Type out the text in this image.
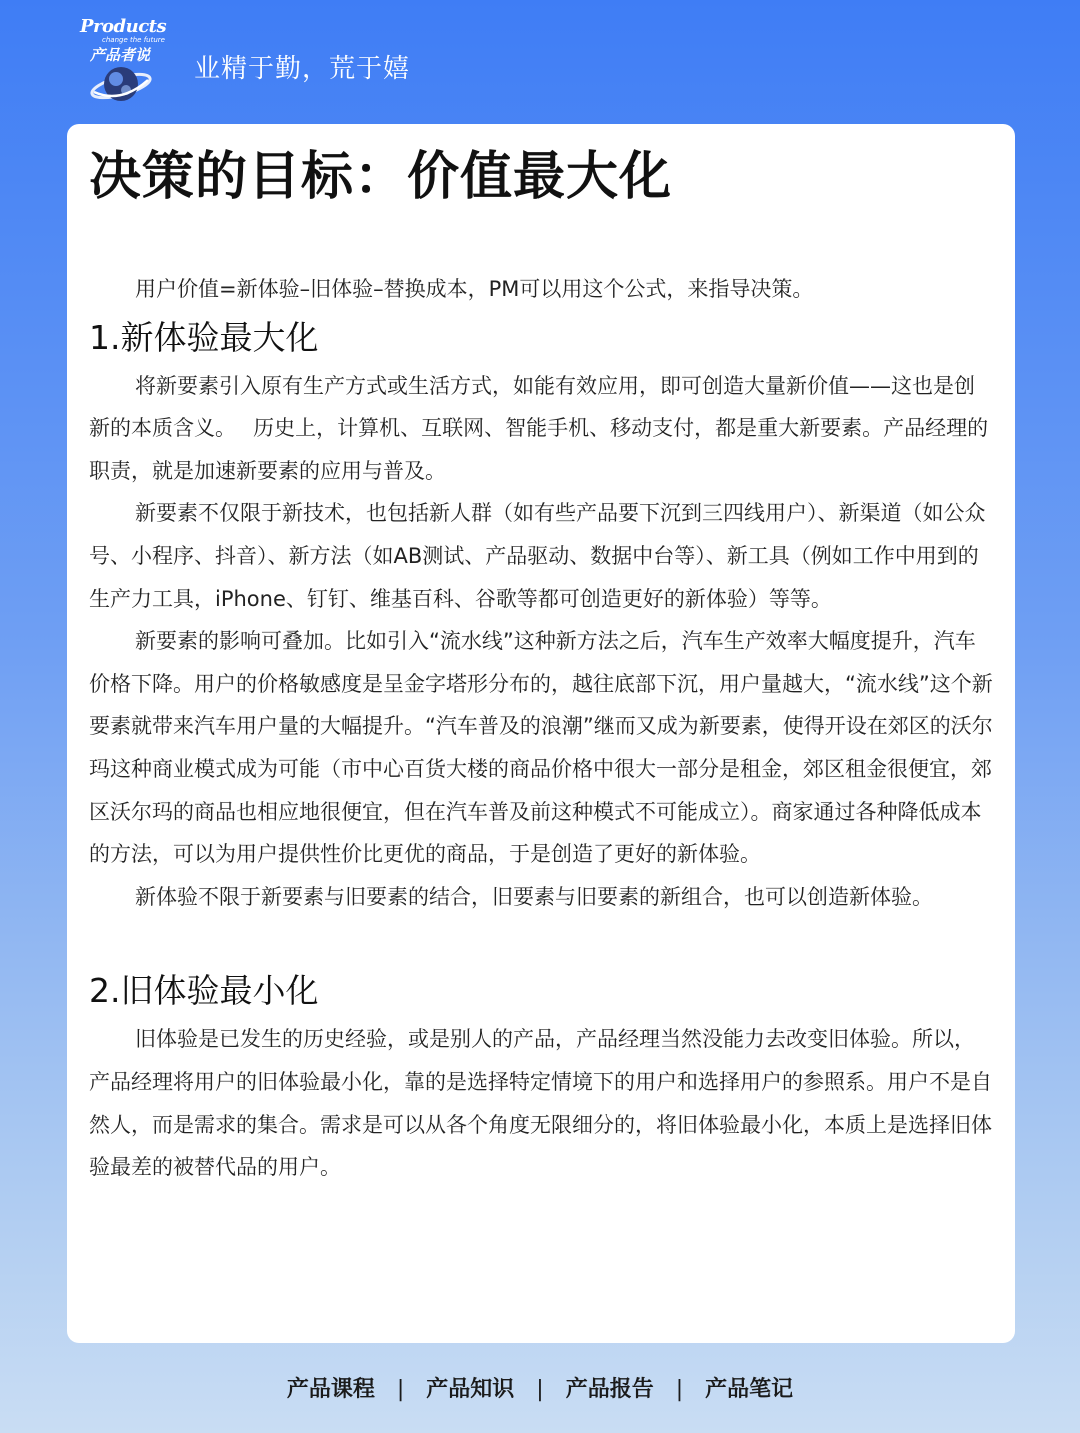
Products
change the future
产品者说 业精于勤，荒于嬉
决策的目标：价值最大化

用户价值=新体验–旧体验–替换成本，PM可以用这个公式，来指导决策。

1.新体验最大化

将新要素引入原有生产方式或生活方式，如能有效应用，即可创造大量新价值——这也是创新的本质含义。　 历史上，计算机、互联网、智能手机、移动支付，都是重大新要素。产品经理的职责，就是加速新要素的应用与普及。

新要素不仅限于新技术，也包括新人群（如有些产品要下沉到三四线用户）、新渠道（如公众号、小程序、抖音）、新方法（如AB测试、产品驱动、数据中台等）、新工具（例如工作中用到的生产力工具，iPhone、钉钉、维基百科、谷歌等都可创造更好的新体验）等等。

新要素的影响可叠加。比如引入“流水线”这种新方法之后，汽车生产效率大幅度提升，汽车价格下降。用户的价格敏感度是呈金字塔形分布的，越往底部下沉，用户量越大，“流水线”这个新要素就带来汽车用户量的大幅提升。“汽车普及的浪潮”继而又成为新要素，使得开设在郊区的沃尔玛这种商业模式成为可能（市中心百货大楼的商品价格中很大一部分是租金，郊区租金很便宜，郊区沃尔玛的商品也相应地很便宜，但在汽车普及前这种模式不可能成立）。商家通过各种降低成本的方法，可以为用户提供性价比更优的商品，于是创造了更好的新体验。

新体验不限于新要素与旧要素的结合，旧要素与旧要素的新组合，也可以创造新体验。

2.旧体验最小化

旧体验是已发生的历史经验，或是别人的产品，产品经理当然没能力去改变旧体验。所以，产品经理将用户的旧体验最小化，靠的是选择特定情境下的用户和选择用户的参照系。用户不是自然人，而是需求的集合。需求是可以从各个角度无限细分的，将旧体验最小化，本质上是选择旧体验最差的被替代品的用户。

产品课程 | 产品知识 | 产品报告 | 产品笔记
